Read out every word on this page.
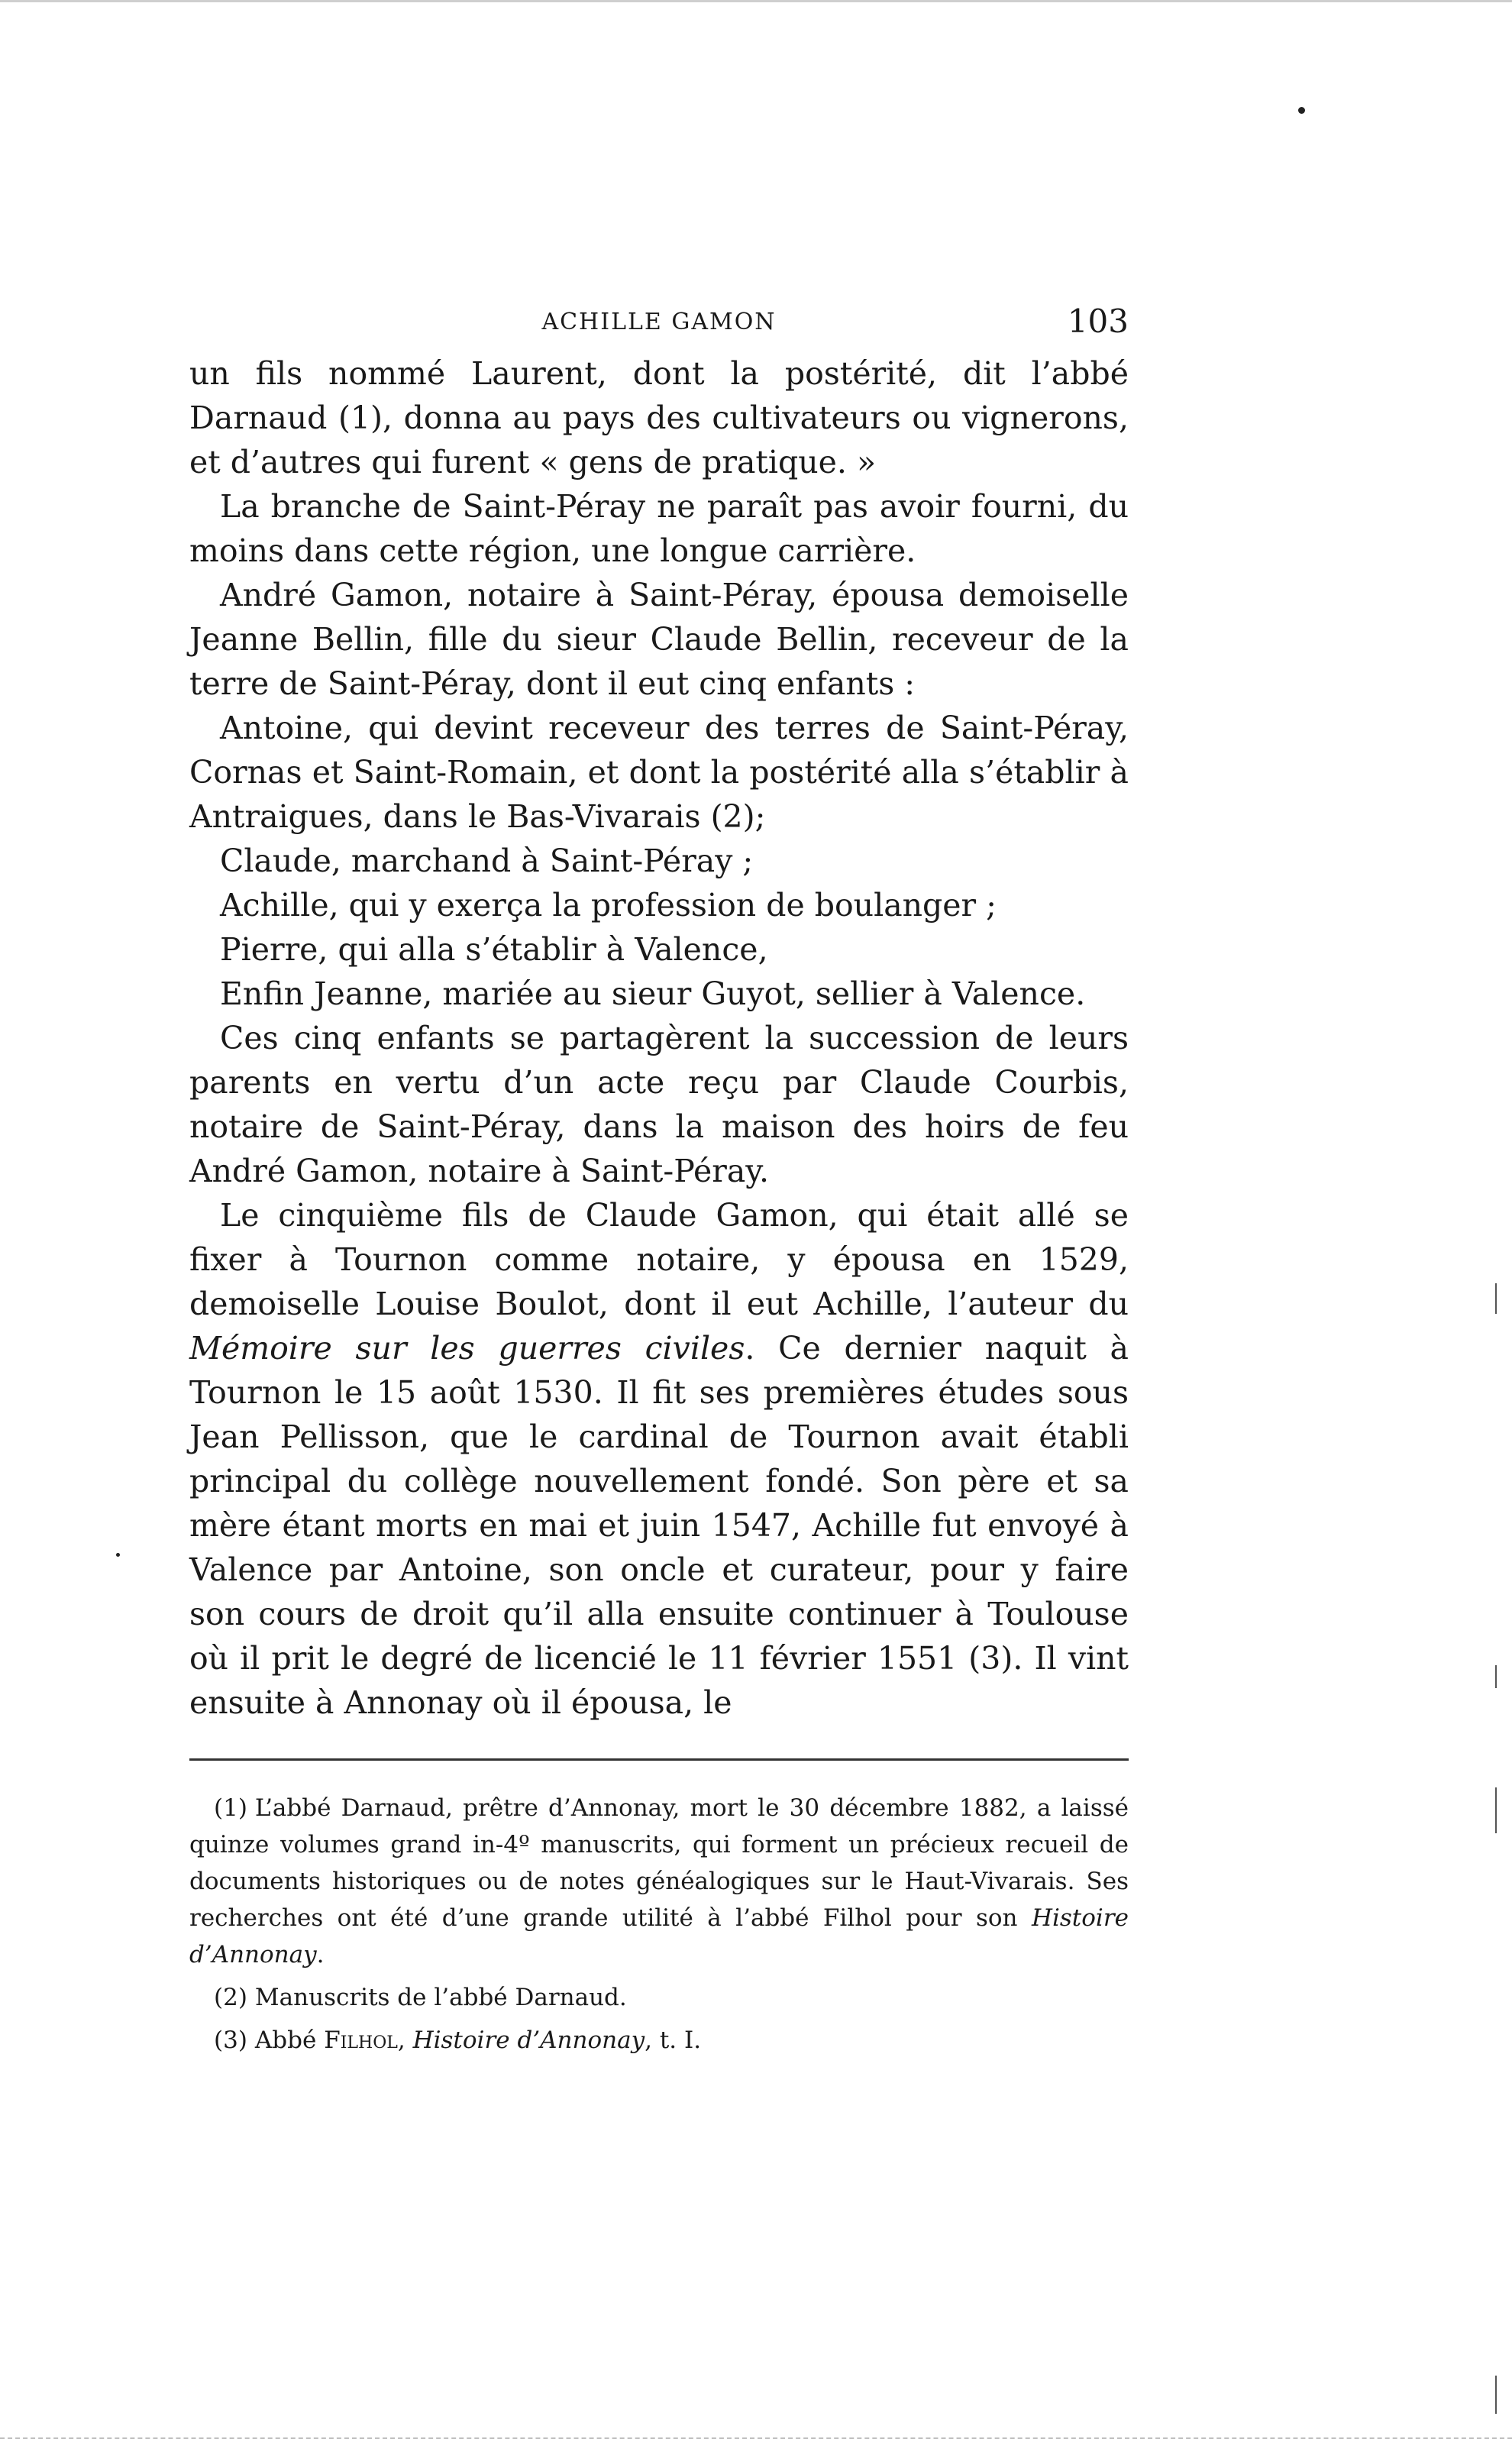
ACHILLE GAMON	103

un fils nommé Laurent, dont la postérité, dit l’abbé Darnaud (1), donna au pays des cultivateurs ou vignerons, et d’autres qui furent « gens de pratique. »

La branche de Saint-Péray ne paraît pas avoir fourni, du moins dans cette région, une longue carrière.

André Gamon, notaire à Saint-Péray, épousa demoiselle Jeanne Bellin, fille du sieur Claude Bellin, receveur de la terre de Saint-Péray, dont il eut cinq enfants :

Antoine, qui devint receveur des terres de Saint-Péray, Cornas et Saint-Romain, et dont la postérité alla s’établir à Antraigues, dans le Bas-Vivarais (2);

Claude, marchand à Saint-Péray ;

Achille, qui y exerça la profession de boulanger ;

Pierre, qui alla s’établir à Valence,

Enfin Jeanne, mariée au sieur Guyot, sellier à Valence.

Ces cinq enfants se partagèrent la succession de leurs parents en vertu d’un acte reçu par Claude Courbis, notaire de Saint-Péray, dans la maison des hoirs de feu André Gamon, notaire à Saint-Péray.

Le cinquième fils de Claude Gamon, qui était allé se fixer à Tournon comme notaire, y épousa en 1529, demoiselle Louise Boulot, dont il eut Achille, l’auteur du Mémoire sur les guerres civiles. Ce dernier naquit à Tournon le 15 août 1530. Il fit ses premières études sous Jean Pellisson, que le cardinal de Tournon avait établi principal du collège nouvellement fondé. Son père et sa mère étant morts en mai et juin 1547, Achille fut envoyé à Valence par Antoine, son oncle et curateur, pour y faire son cours de droit qu’il alla ensuite continuer à Toulouse où il prit le degré de licencié le 11 février 1551 (3). Il vint ensuite à Annonay où il épousa, le

(1) L’abbé Darnaud, prêtre d’Annonay, mort le 30 décembre 1882, a laissé quinze volumes grand in-4º manuscrits, qui forment un précieux recueil de documents historiques ou de notes généalogiques sur le Haut-Vivarais. Ses recherches ont été d’une grande utilité à l’abbé Filhol pour son Histoire d’Annonay.

(2) Manuscrits de l’abbé Darnaud.

(3) Abbé Filhol, Histoire d’Annonay, t. I.
